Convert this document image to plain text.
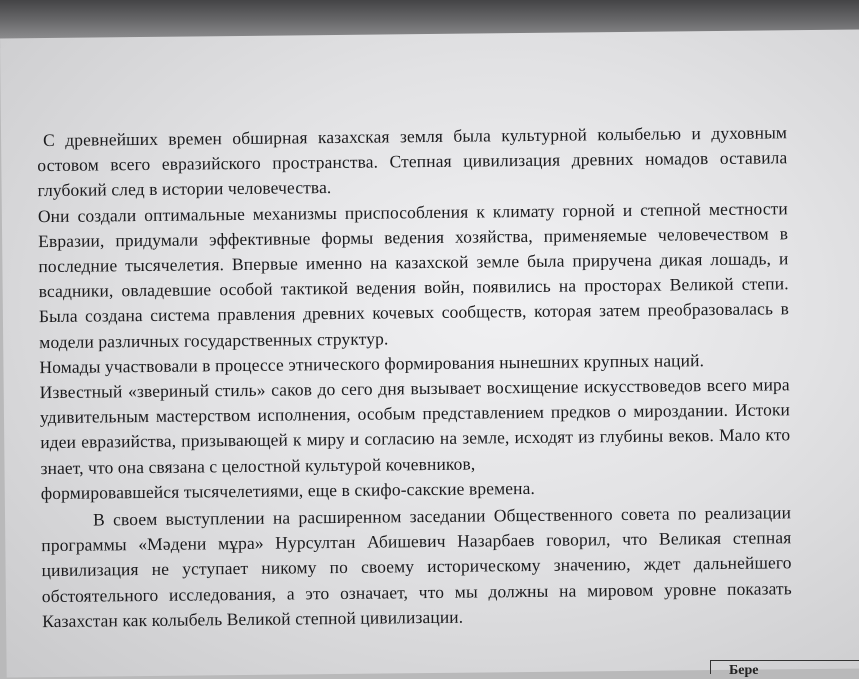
С древнейших времен обширная казахская земля была культурной колыбелью и духовным остовом всего евразийского пространства. Степная цивилизация древних номадов оставила глубокий след в истории человечества.

Они создали оптимальные механизмы приспособления к климату горной и степной местности Евразии, придумали эффективные формы ведения хозяйства, применяемые человечеством в последние тысячелетия. Впервые именно на казахской земле была приручена дикая лошадь, и всадники, овладевшие особой тактикой ведения войн, появились на просторах Великой степи. Была создана система правления древних кочевых сообществ, которая затем преобразовалась в модели различных государственных структур.

Номады участвовали в процессе этнического формирования нынешних крупных наций.

Известный «звериный стиль» саков до сего дня вызывает восхищение искусствоведов всего мира удивительным мастерством исполнения, особым представлением предков о мироздании. Истоки идеи евразийства, призывающей к миру и согласию на земле, исходят из глубины веков. Мало кто знает, что она связана с целостной культурой кочевников,

формировавшейся тысячелетиями, еще в скифо-сакские времена.

В своем выступлении на расширенном заседании Общественного совета по реализации программы «Мәдени мұра» Нурсултан Абишевич Назарбаев говорил, что Великая степная цивилизация не уступает никому по своему историческому значению, ждет дальнейшего обстоятельного исследования, а это означает, что мы должны на мировом уровне показать Казахстан как колыбель Великой степной цивилизации.

Бере
